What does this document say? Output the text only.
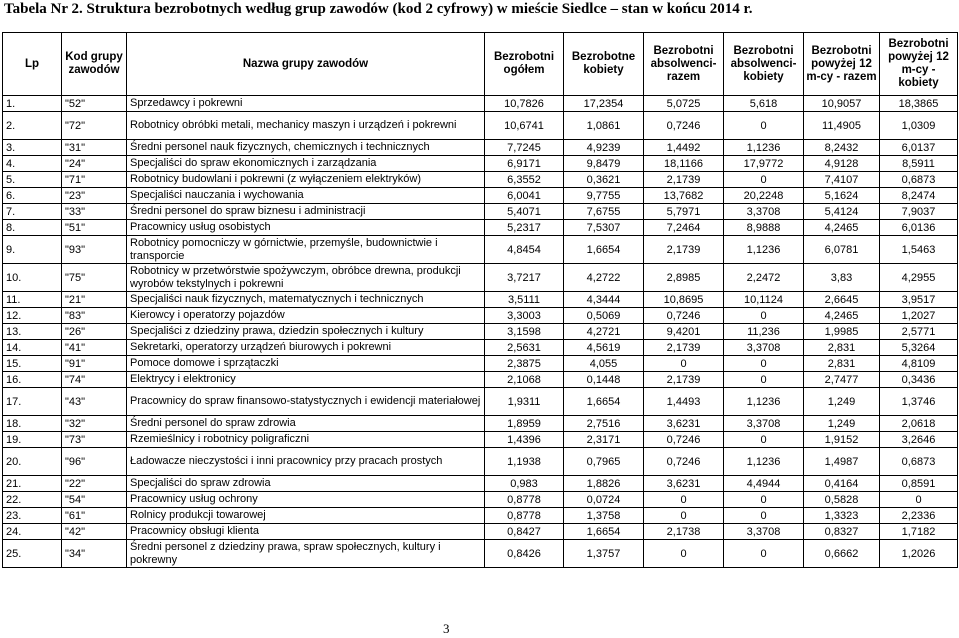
Tabela Nr 2. Struktura bezrobotnych według grup zawodów (kod 2 cyfrowy) w mieście Siedlce – stan w końcu 2014 r.
Lp	Kod grupy zawodów	Nazwa grupy zawodów	Bezrobotni ogółem	Bezrobotne kobiety	Bezrobotni absolwenci- razem	Bezrobotni absolwenci- kobiety	Bezrobotni powyżej 12 m-cy - razem	Bezrobotni powyżej 12 m-cy - kobiety
1.	"52"	Sprzedawcy i pokrewni	10,7826	17,2354	5,0725	5,618	10,9057	18,3865
2.	"72"	Robotnicy obróbki metali, mechanicy maszyn i urządzeń i pokrewni	10,6741	1,0861	0,7246	0	11,4905	1,0309
3.	"31"	Średni personel nauk fizycznych, chemicznych i technicznych	7,7245	4,9239	1,4492	1,1236	8,2432	6,0137
4.	"24"	Specjaliści do spraw ekonomicznych i zarządzania	6,9171	9,8479	18,1166	17,9772	4,9128	8,5911
5.	"71"	Robotnicy budowlani i pokrewni (z wyłączeniem elektryków)	6,3552	0,3621	2,1739	0	7,4107	0,6873
6.	"23"	Specjaliści nauczania i wychowania	6,0041	9,7755	13,7682	20,2248	5,1624	8,2474
7.	"33"	Średni personel do spraw biznesu i administracji	5,4071	7,6755	5,7971	3,3708	5,4124	7,9037
8.	"51"	Pracownicy usług osobistych	5,2317	7,5307	7,2464	8,9888	4,2465	6,0136
9.	"93"	Robotnicy pomocniczy w górnictwie, przemyśle, budownictwie i transporcie	4,8454	1,6654	2,1739	1,1236	6,0781	1,5463
10.	"75"	Robotnicy w przetwórstwie spożywczym, obróbce drewna, produkcji wyrobów tekstylnych i pokrewni	3,7217	4,2722	2,8985	2,2472	3,83	4,2955
11.	"21"	Specjaliści nauk fizycznych, matematycznych i technicznych	3,5111	4,3444	10,8695	10,1124	2,6645	3,9517
12.	"83"	Kierowcy i operatorzy pojazdów	3,3003	0,5069	0,7246	0	4,2465	1,2027
13.	"26"	Specjaliści z dziedziny prawa, dziedzin społecznych i kultury	3,1598	4,2721	9,4201	11,236	1,9985	2,5771
14.	"41"	Sekretarki, operatorzy urządzeń biurowych i pokrewni	2,5631	4,5619	2,1739	3,3708	2,831	5,3264
15.	"91"	Pomoce domowe i sprzątaczki	2,3875	4,055	0	0	2,831	4,8109
16.	"74"	Elektrycy i elektronicy	2,1068	0,1448	2,1739	0	2,7477	0,3436
17.	"43"	Pracownicy do spraw finansowo-statystycznych i ewidencji materiałowej	1,9311	1,6654	1,4493	1,1236	1,249	1,3746
18.	"32"	Średni personel do spraw zdrowia	1,8959	2,7516	3,6231	3,3708	1,249	2,0618
19.	"73"	Rzemieślnicy i robotnicy poligraficzni	1,4396	2,3171	0,7246	0	1,9152	3,2646
20.	"96"	Ładowacze nieczystości i inni pracownicy przy pracach prostych	1,1938	0,7965	0,7246	1,1236	1,4987	0,6873
21.	"22"	Specjaliści do spraw zdrowia	0,983	1,8826	3,6231	4,4944	0,4164	0,8591
22.	"54"	Pracownicy usług ochrony	0,8778	0,0724	0	0	0,5828	0
23.	"61"	Rolnicy produkcji towarowej	0,8778	1,3758	0	0	1,3323	2,2336
24.	"42"	Pracownicy obsługi klienta	0,8427	1,6654	2,1738	3,3708	0,8327	1,7182
25.	"34"	Średni personel z dziedziny prawa, spraw społecznych, kultury i pokrewny	0,8426	1,3757	0	0	0,6662	1,2026

3
